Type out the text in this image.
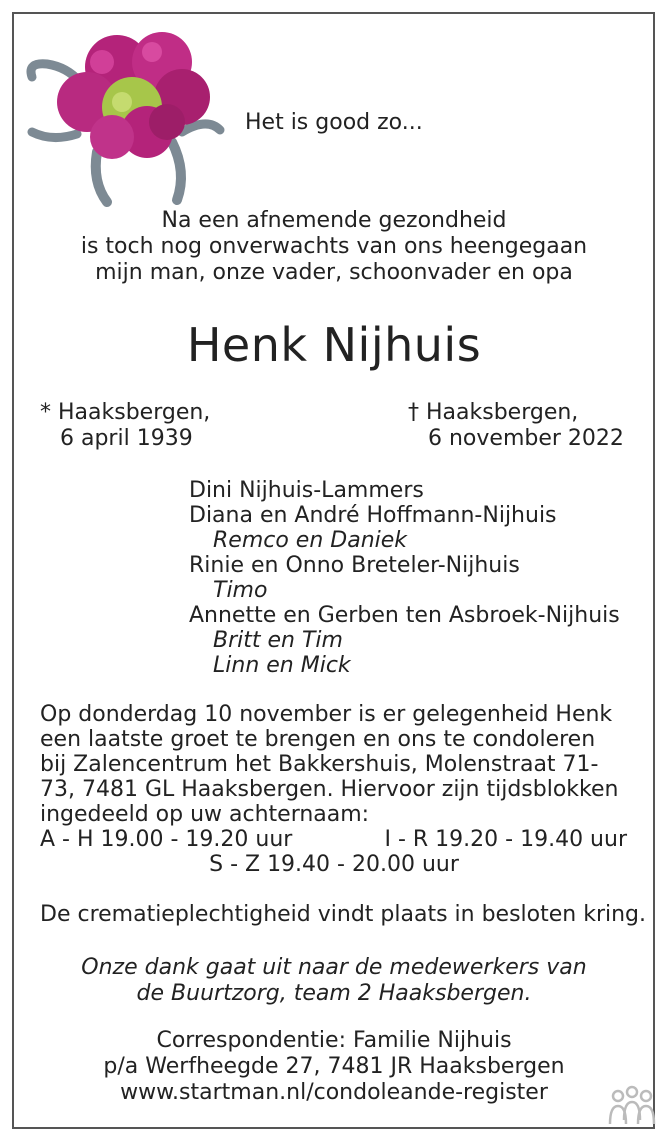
Het is good zo...
Na een afnemende gezondheid
is toch nog onverwachts van ons heengegaan
mijn man, onze vader, schoonvader en opa
Henk Nijhuis
* Haaksbergen,
6 april 1939
† Haaksbergen,
6 november 2022
Dini Nijhuis-Lammers
Diana en André Hoffmann-Nijhuis
Remco en Daniek
Rinie en Onno Breteler-Nijhuis
Timo
Annette en Gerben ten Asbroek-Nijhuis
Britt en Tim
Linn en Mick
Op donderdag 10 november is er gelegenheid Henk
een laatste groet te brengen en ons te condoleren
bij Zalencentrum het Bakkershuis, Molenstraat 71-
73, 7481 GL Haaksbergen. Hiervoor zijn tijdsblokken
ingedeeld op uw achternaam:
A - H 19.00 - 19.20 uur	I - R 19.20 - 19.40 uur
S - Z 19.40 - 20.00 uur
De crematieplechtigheid vindt plaats in besloten kring.
Onze dank gaat uit naar de medewerkers van
de Buurtzorg, team 2 Haaksbergen.
Correspondentie: Familie Nijhuis
p/a Werfheegde 27, 7481 JR Haaksbergen
www.startman.nl/condoleande-register
